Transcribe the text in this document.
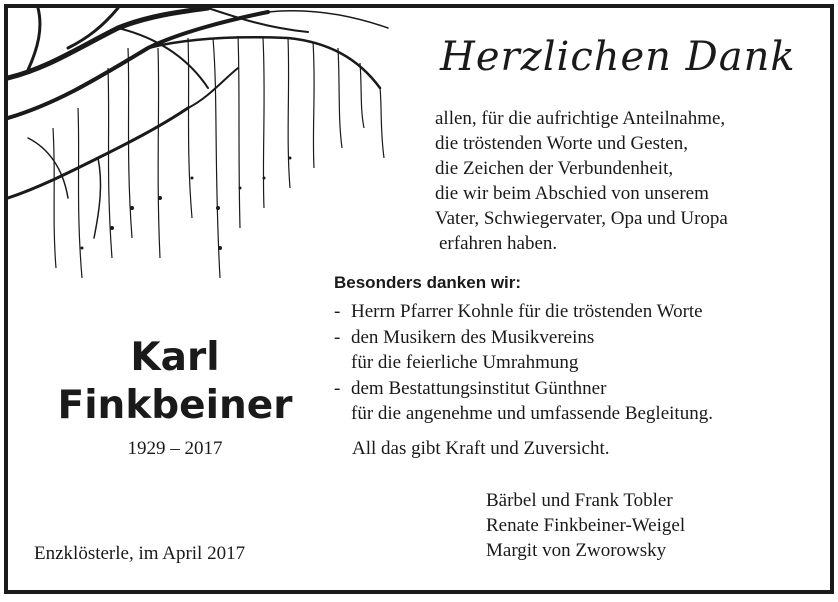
Herzlichen Dank
allen, für die aufrichtige Anteilnahme,
die tröstenden Worte und Gesten,
die Zeichen der Verbundenheit,
die wir beim Abschied von unserem
Vater, Schwiegervater, Opa und Uropa
erfahren haben.
Besonders danken wir:
- Herrn Pfarrer Kohnle für die tröstenden Worte
- den Musikern des Musikvereins
für die feierliche Umrahmung
- dem Bestattungsinstitut Günthner
für die angenehme und umfassende Begleitung.
All das gibt Kraft und Zuversicht.
Karl
Finkbeiner
1929 – 2017
Enzklösterle, im April 2017
Bärbel und Frank Tobler
Renate Finkbeiner-Weigel
Margit von Zworowsky
